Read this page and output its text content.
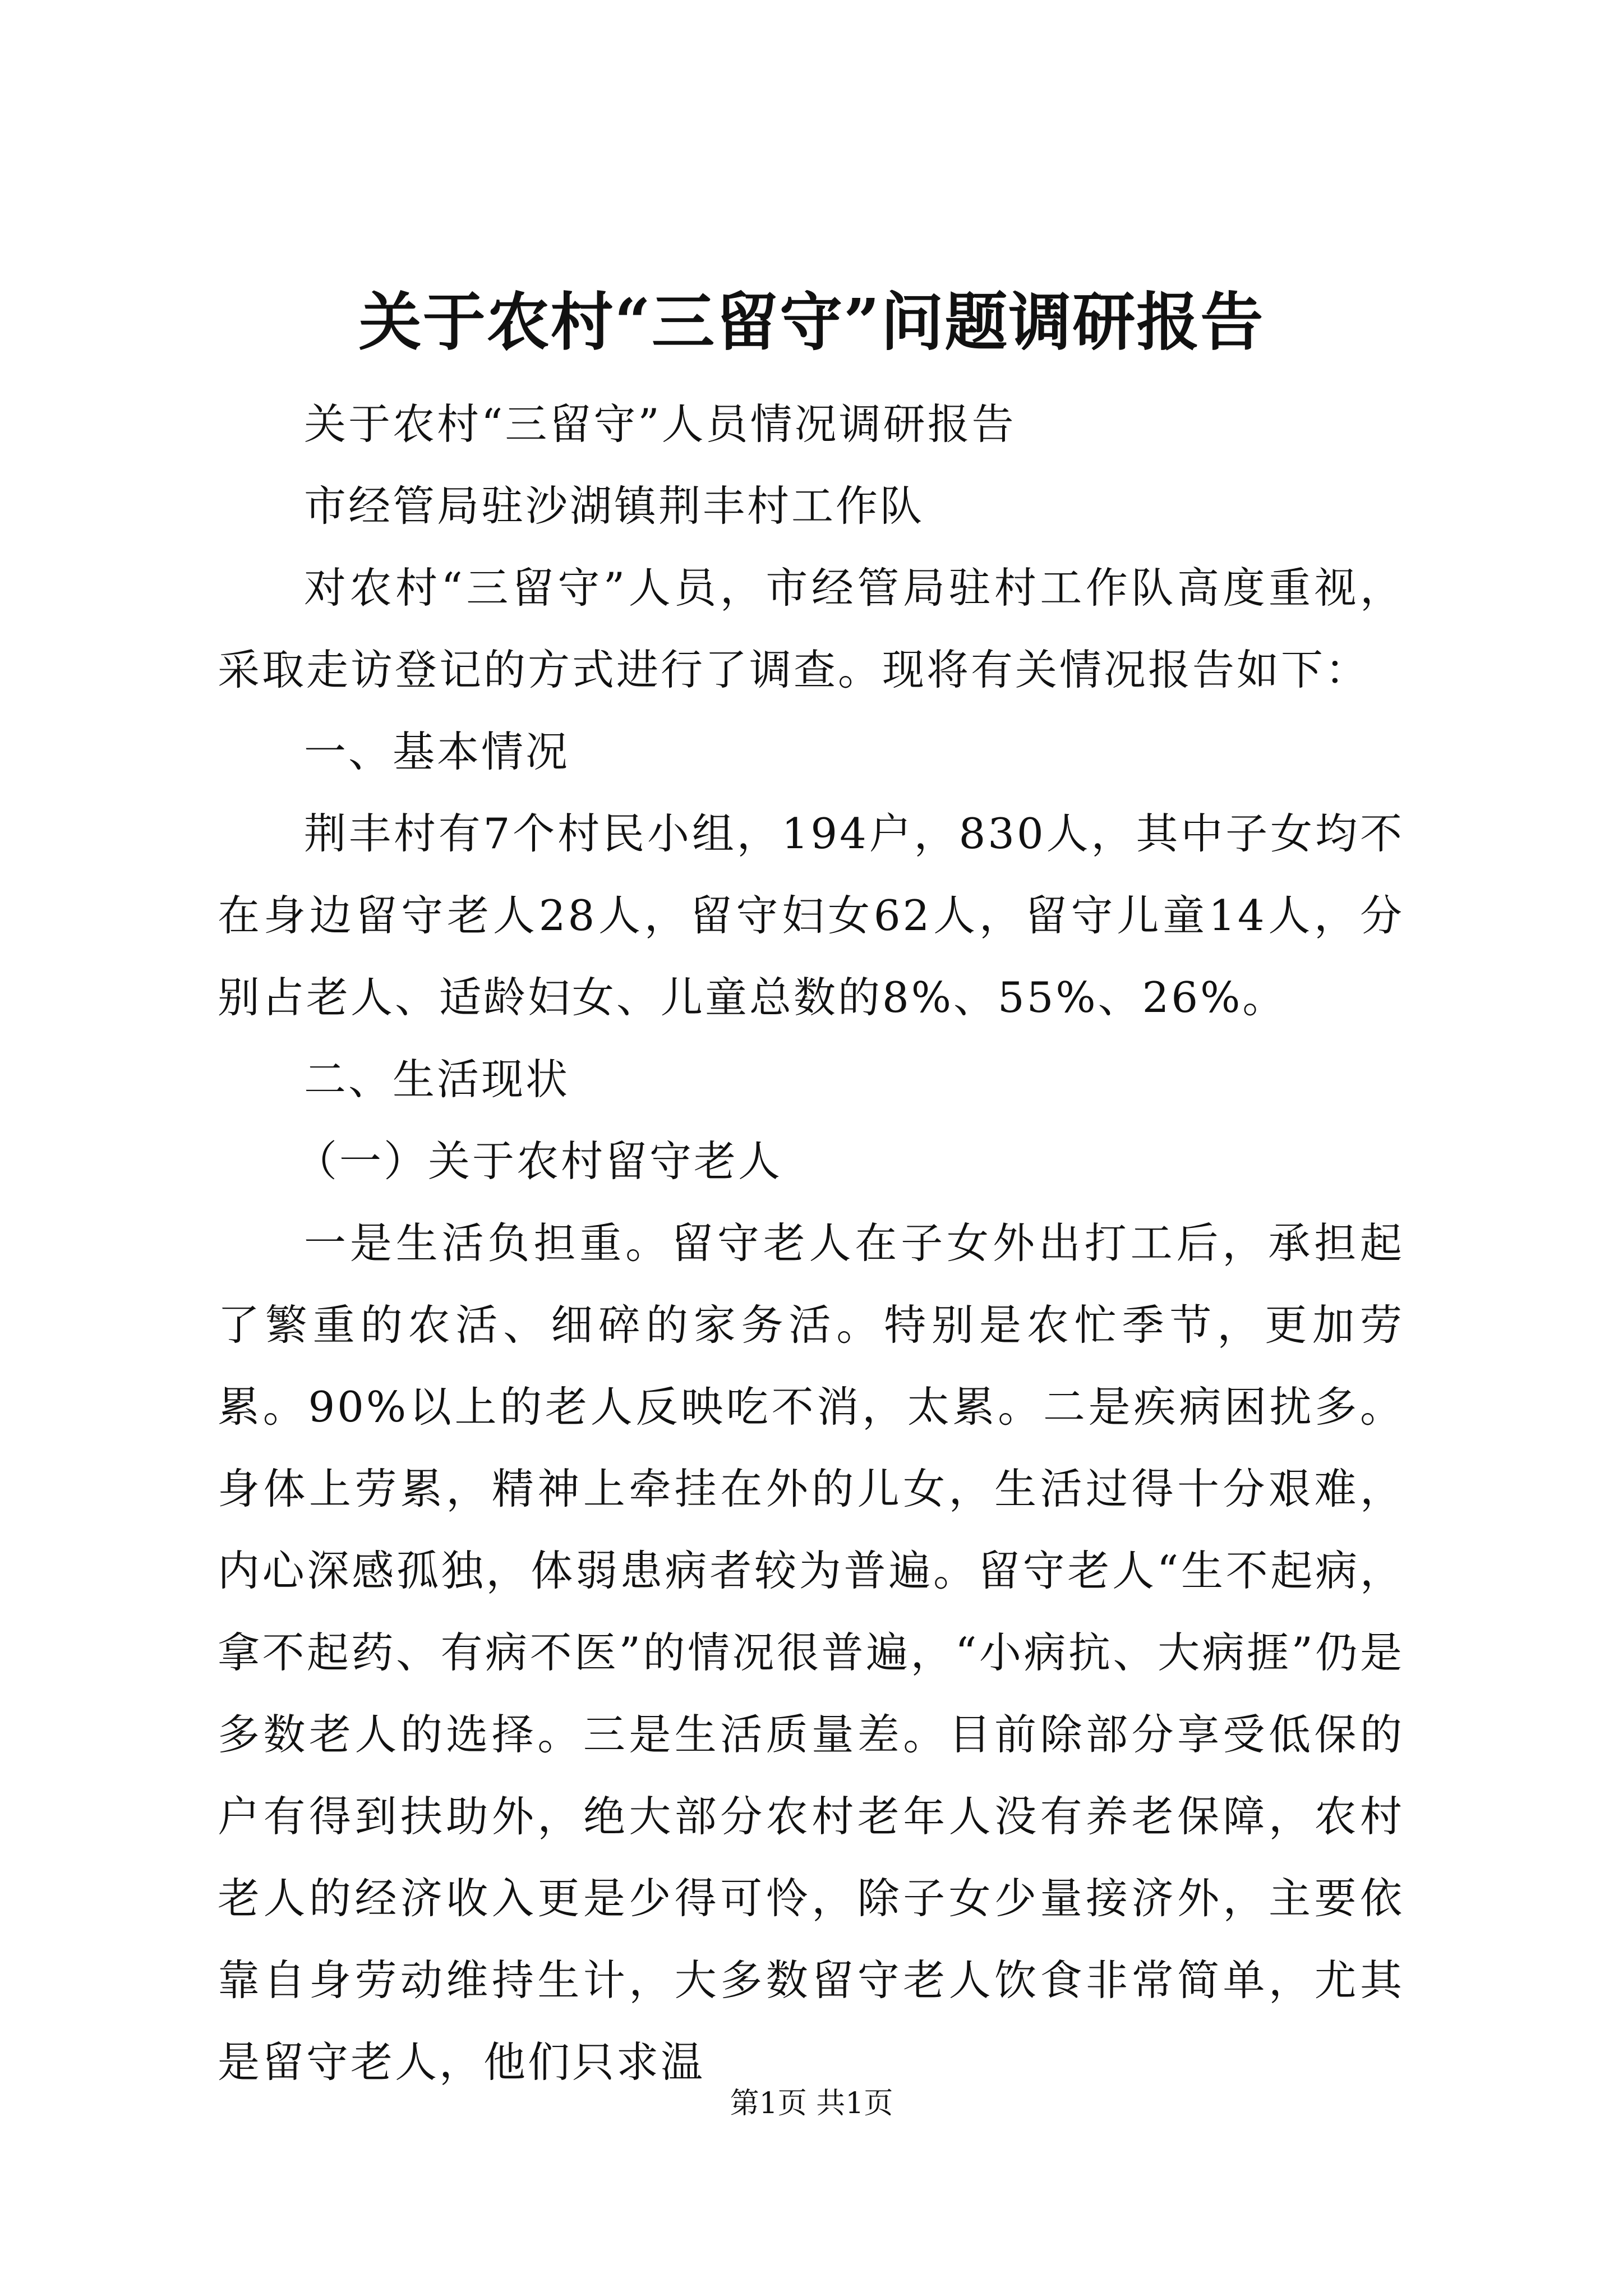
关于农村“三留守”问题调研报告

关于农村“三留守”人员情况调研报告

市经管局驻沙湖镇荆丰村工作队

对农村“三留守”人员，市经管局驻村工作队高度重视，采取走访登记的方式进行了调查。现将有关情况报告如下：

一、基本情况

荆丰村有7个村民小组，194户，830人，其中子女均不在身边留守老人28人，留守妇女62人，留守儿童14人，分别占老人、适龄妇女、儿童总数的8%、55%、26%。

二、生活现状

（一）关于农村留守老人

一是生活负担重。留守老人在子女外出打工后，承担起了繁重的农活、细碎的家务活。特别是农忙季节，更加劳累。90%以上的老人反映吃不消，太累。二是疾病困扰多。身体上劳累，精神上牵挂在外的儿女，生活过得十分艰难，内心深感孤独，体弱患病者较为普遍。留守老人“生不起病，拿不起药、有病不医”的情况很普遍，“小病抗、大病捱”仍是多数老人的选择。三是生活质量差。目前除部分享受低保的户有得到扶助外，绝大部分农村老年人没有养老保障，农村老人的经济收入更是少得可怜，除子女少量接济外，主要依靠自身劳动维持生计，大多数留守老人饮食非常简单，尤其是留守老人，他们只求温

第1页 共1页
